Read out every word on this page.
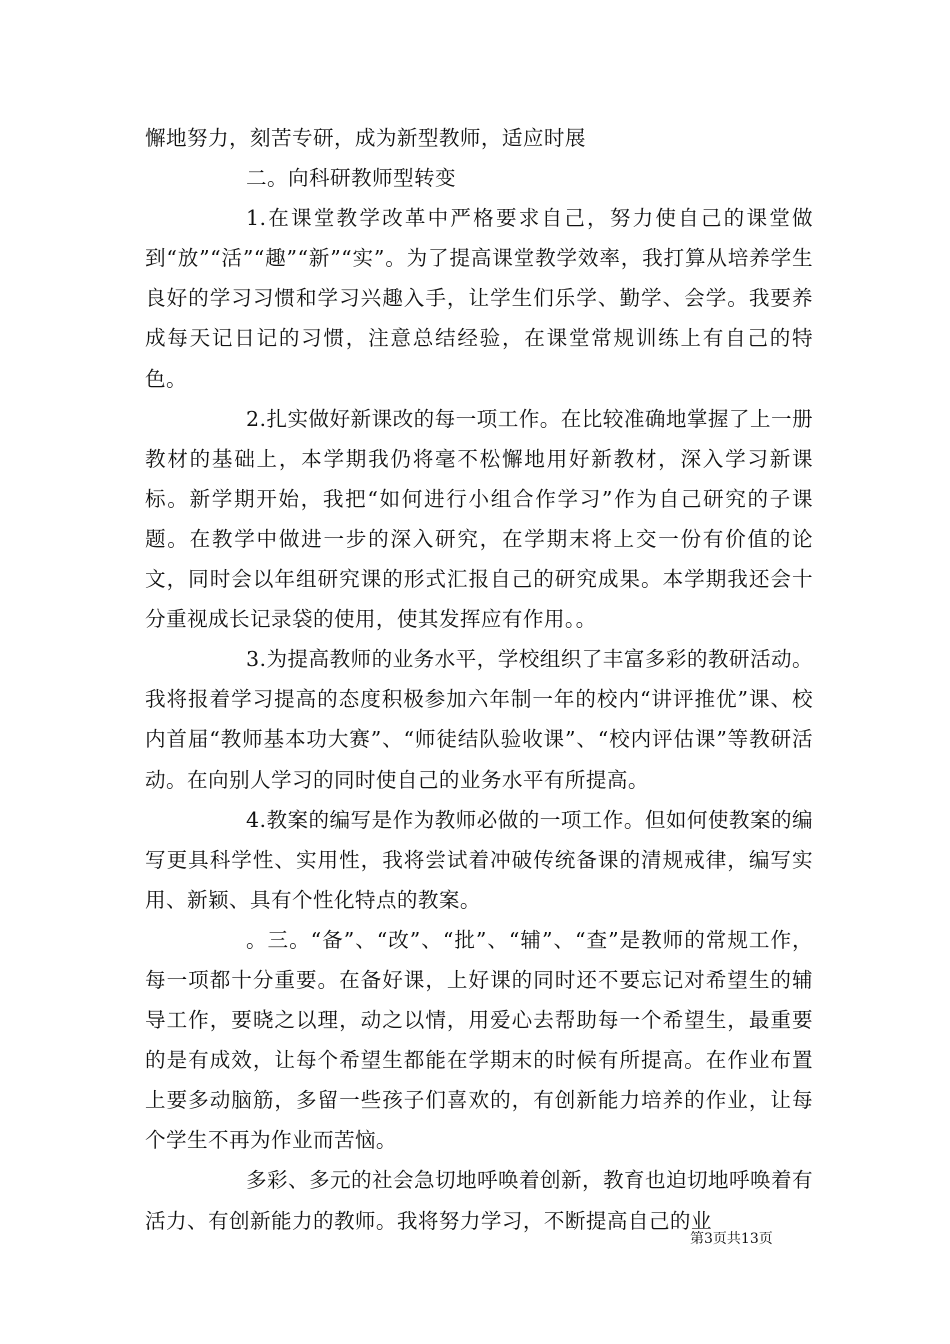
懈地努力，刻苦专研，成为新型教师，适应时展

二。向科研教师型转变

1.在课堂教学改革中严格要求自己，努力使自己的课堂做到“放”“活”“趣”“新”“实”。为了提高课堂教学效率，我打算从培养学生良好的学习习惯和学习兴趣入手，让学生们乐学、勤学、会学。我要养成每天记日记的习惯，注意总结经验，在课堂常规训练上有自己的特色。

2.扎实做好新课改的每一项工作。在比较准确地掌握了上一册教材的基础上，本学期我仍将毫不松懈地用好新教材，深入学习新课标。新学期开始，我把“如何进行小组合作学习”作为自己研究的子课题。在教学中做进一步的深入研究，在学期末将上交一份有价值的论文，同时会以年组研究课的形式汇报自己的研究成果。本学期我还会十分重视成长记录袋的使用，使其发挥应有作用。。

3.为提高教师的业务水平，学校组织了丰富多彩的教研活动。我将报着学习提高的态度积极参加六年制一年的校内“讲评推优”课、校内首届“教师基本功大赛”、“师徒结队验收课”、“校内评估课”等教研活动。在向别人学习的同时使自己的业务水平有所提高。

4.教案的编写是作为教师必做的一项工作。但如何使教案的编写更具科学性、实用性，我将尝试着冲破传统备课的清规戒律，编写实用、新颖、具有个性化特点的教案。

。三。“备”、“改”、“批”、“辅”、“查”是教师的常规工作，每一项都十分重要。在备好课，上好课的同时还不要忘记对希望生的辅导工作，要晓之以理，动之以情，用爱心去帮助每一个希望生，最重要的是有成效，让每个希望生都能在学期末的时候有所提高。在作业布置上要多动脑筋，多留一些孩子们喜欢的，有创新能力培养的作业，让每个学生不再为作业而苦恼。

多彩、多元的社会急切地呼唤着创新，教育也迫切地呼唤着有活力、有创新能力的教师。我将努力学习，不断提高自己的业

第3页共13页
